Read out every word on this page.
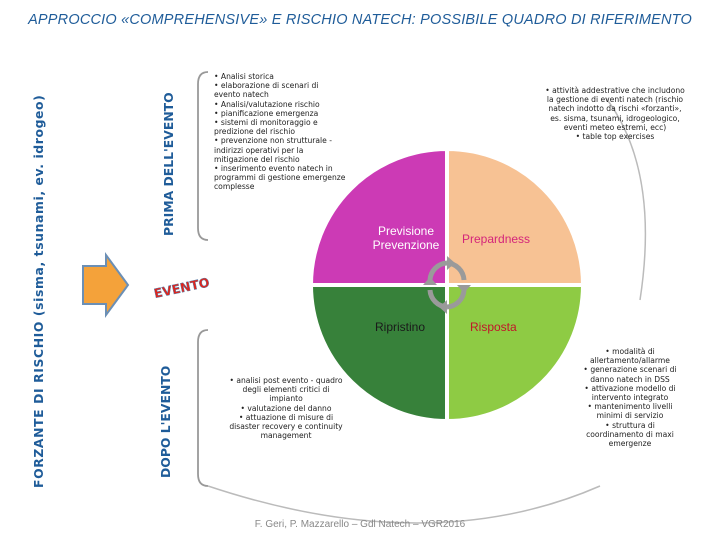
APPROCCIO «COMPREHENSIVE» E RISCHIO NATECH: POSSIBILE QUADRO DI RIFERIMENTO
FORZANTE DI RISCHIO (sisma, tsunami, ev. idrogeo)	PRIMA DELL'EVENTO
DOPO L'EVENTO
EVENTO
Previsione
Prevenzione	Prepardness
Ripristino	Risposta
• Analisi storica
• elaborazione di scenari di
evento natech
• Analisi/valutazione rischio
• pianificazione emergenza
• sistemi di monitoraggio e
predizione del rischio
• prevenzione non strutturale -
indirizzi operativi per la
mitigazione del rischio
• inserimento evento natech in
programmi di gestione emergenze
complesse
• attività addestrative che includono
la gestione di eventi natech (rischio
natech indotto da rischi «forzanti»,
es. sisma, tsunami, idrogeologico,
eventi meteo estremi, ecc)
• table top exercises
• analisi post evento - quadro
degli elementi critici di
impianto
• valutazione del danno
• attuazione di misure di
disaster recovery e continuity
management
• modalità di
allertamento/allarme
• generazione scenari di
danno natech in DSS
• attivazione modello di
intervento integrato
• mantenimento livelli
minimi di servizio
• struttura di
coordinamento di maxi
emergenze
F. Geri, P. Mazzarello – Gdl Natech – VGR2016
